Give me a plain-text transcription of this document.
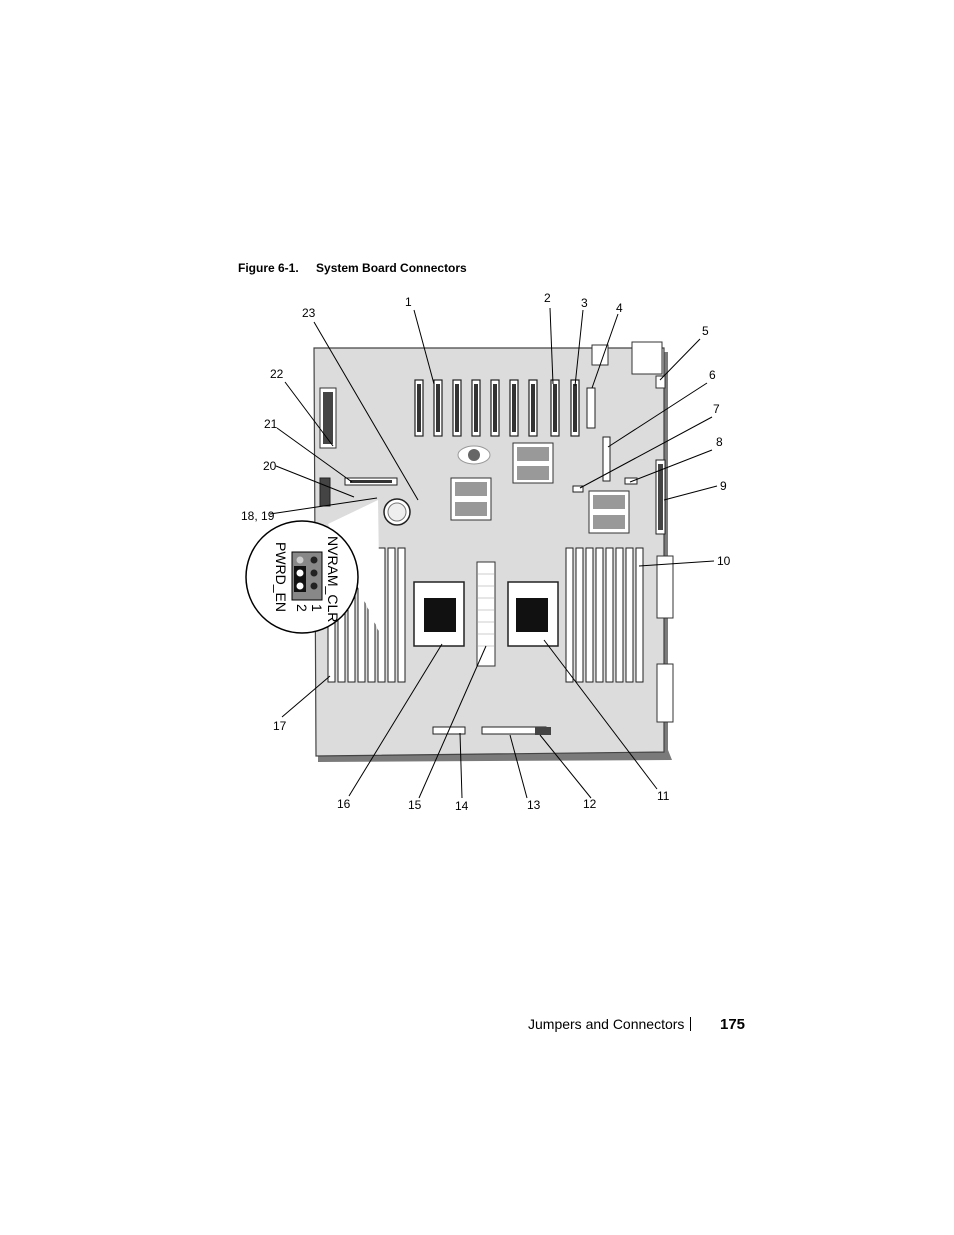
Figure 6-1. System Board Connectors
NVRAM_CLR
PWRD_EN 1
2
1	2	3 4
5
6
7
8
9
10
11
12
13
14
15
16
17
18, 19
20
21
22
23
Jumpers and Connectors 175
